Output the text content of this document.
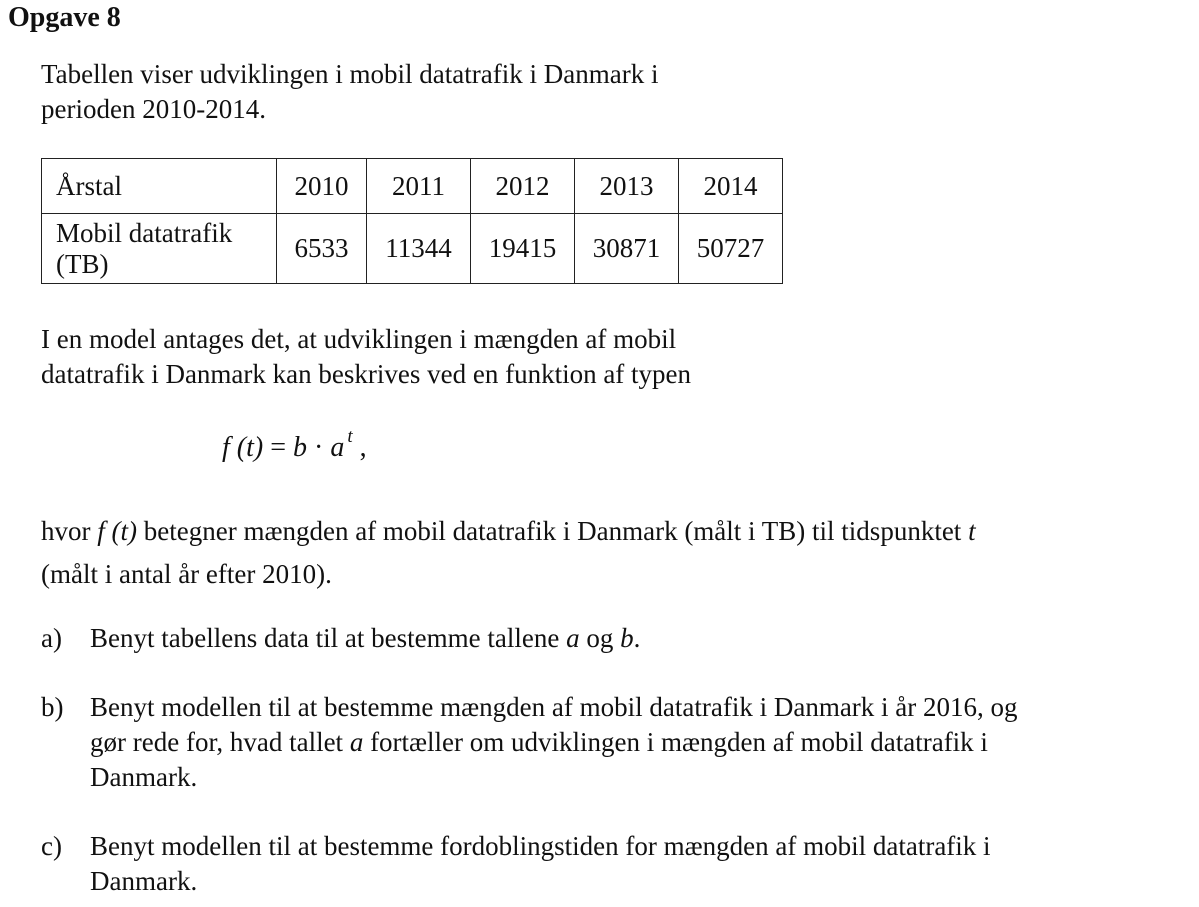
Opgave 8
Tabellen viser udviklingen i mobil datatrafik i Danmark i
perioden 2010-2014.
Årstal	2010	2011	2012	2013	2014

Mobil datatrafik
(TB)	6533	11344	19415	30871	50727
I en model antages det, at udviklingen i mængden af mobil
datatrafik i Danmark kan beskrives ved en funktion af typen
f (t) = b · a $^t$ ,
hvor f (t) betegner mængden af mobil datatrafik i Danmark (målt i TB) til tidspunktet t
(målt i antal år efter 2010).
a) Benyt tabellens data til at bestemme tallene a og b.
b) Benyt modellen til at bestemme mængden af mobil datatrafik i Danmark i år 2016, og
gør rede for, hvad tallet a fortæller om udviklingen i mængden af mobil datatrafik i
Danmark.
c) Benyt modellen til at bestemme fordoblingstiden for mængden af mobil datatrafik i
Danmark.
